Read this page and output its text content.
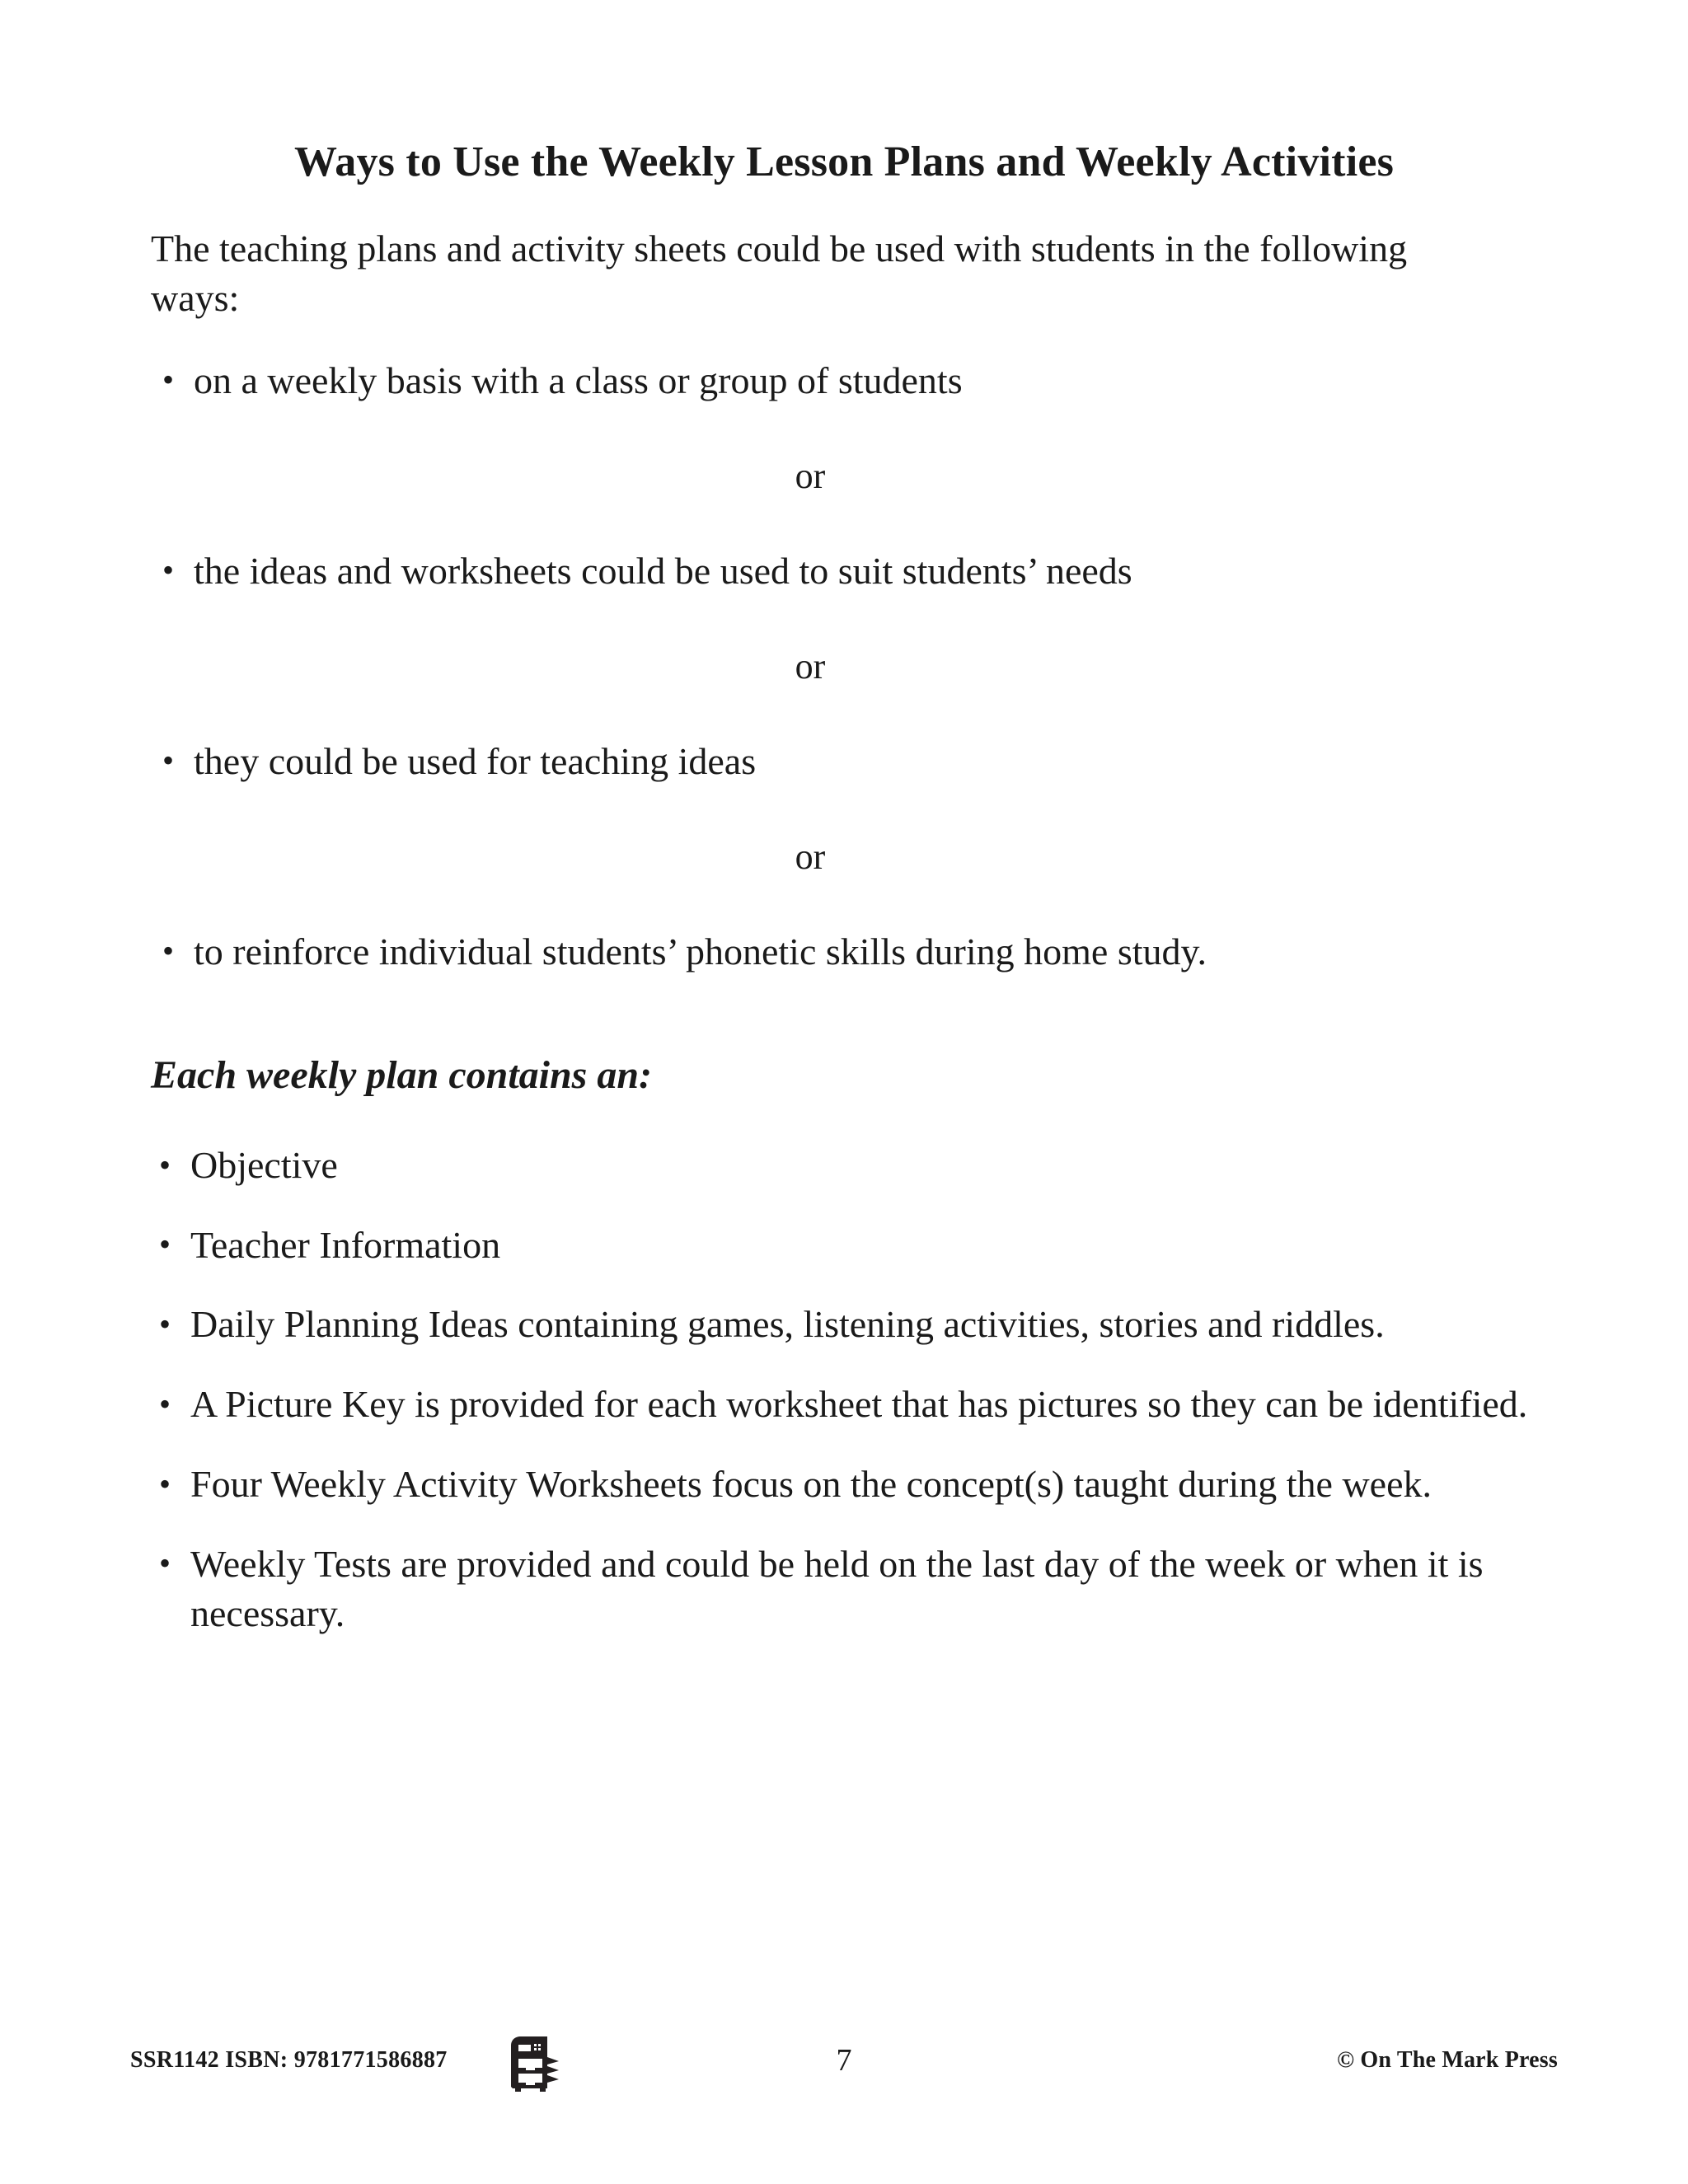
Ways to Use the Weekly Lesson Plans and Weekly Activities

The teaching plans and activity sheets could be used with students in the following ways:

• on a weekly basis with a class or group of students

or

• the ideas and worksheets could be used to suit students’ needs

or

• they could be used for teaching ideas

or

• to reinforce individual students’ phonetic skills during home study.

Each weekly plan contains an:

• Objective
• Teacher Information
• Daily Planning Ideas containing games, listening activities, stories and riddles.
• A Picture Key is provided for each worksheet that has pictures so they can be identified.
• Four Weekly Activity Worksheets focus on the concept(s) taught during the week.
• Weekly Tests are provided and could be held on the last day of the week or when it is necessary.
SSR1142 ISBN: 9781771586887	7	© On The Mark Press
